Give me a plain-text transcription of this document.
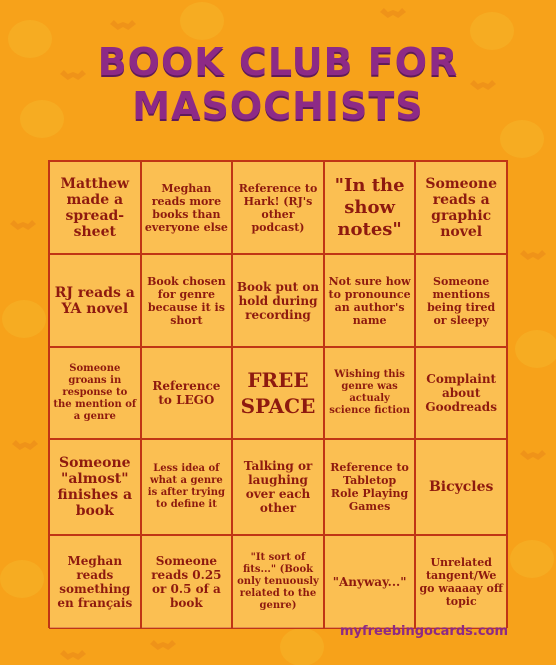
BOOK CLUB FOR
MASOCHISTS
Matthew made a spread-sheet
Meghan reads more books than everyone else
Reference to Hark! (RJ's other podcast)
"In the show notes"
Someone reads a graphic novel
RJ reads a YA novel
Book chosen for genre because it is short
Book put on hold during recording
Not sure how to pronounce an author's name
Someone mentions being tired or sleepy
Someone groans in response to the mention of a genre
Reference to LEGO
FREE SPACE
Wishing this genre was actualy science fiction
Complaint about Goodreads
Someone "almost" finishes a book
Less idea of what a genre is after trying to define it
Talking or laughing over each other
Reference to Tabletop Role Playing Games
Bicycles
Meghan reads something en français
Someone reads 0.25 or 0.5 of a book
"It sort of fits..." (Book only tenuously related to the genre)
"Anyway..."
Unrelated tangent/We go waaaay off topic
myfreebingocards.com
